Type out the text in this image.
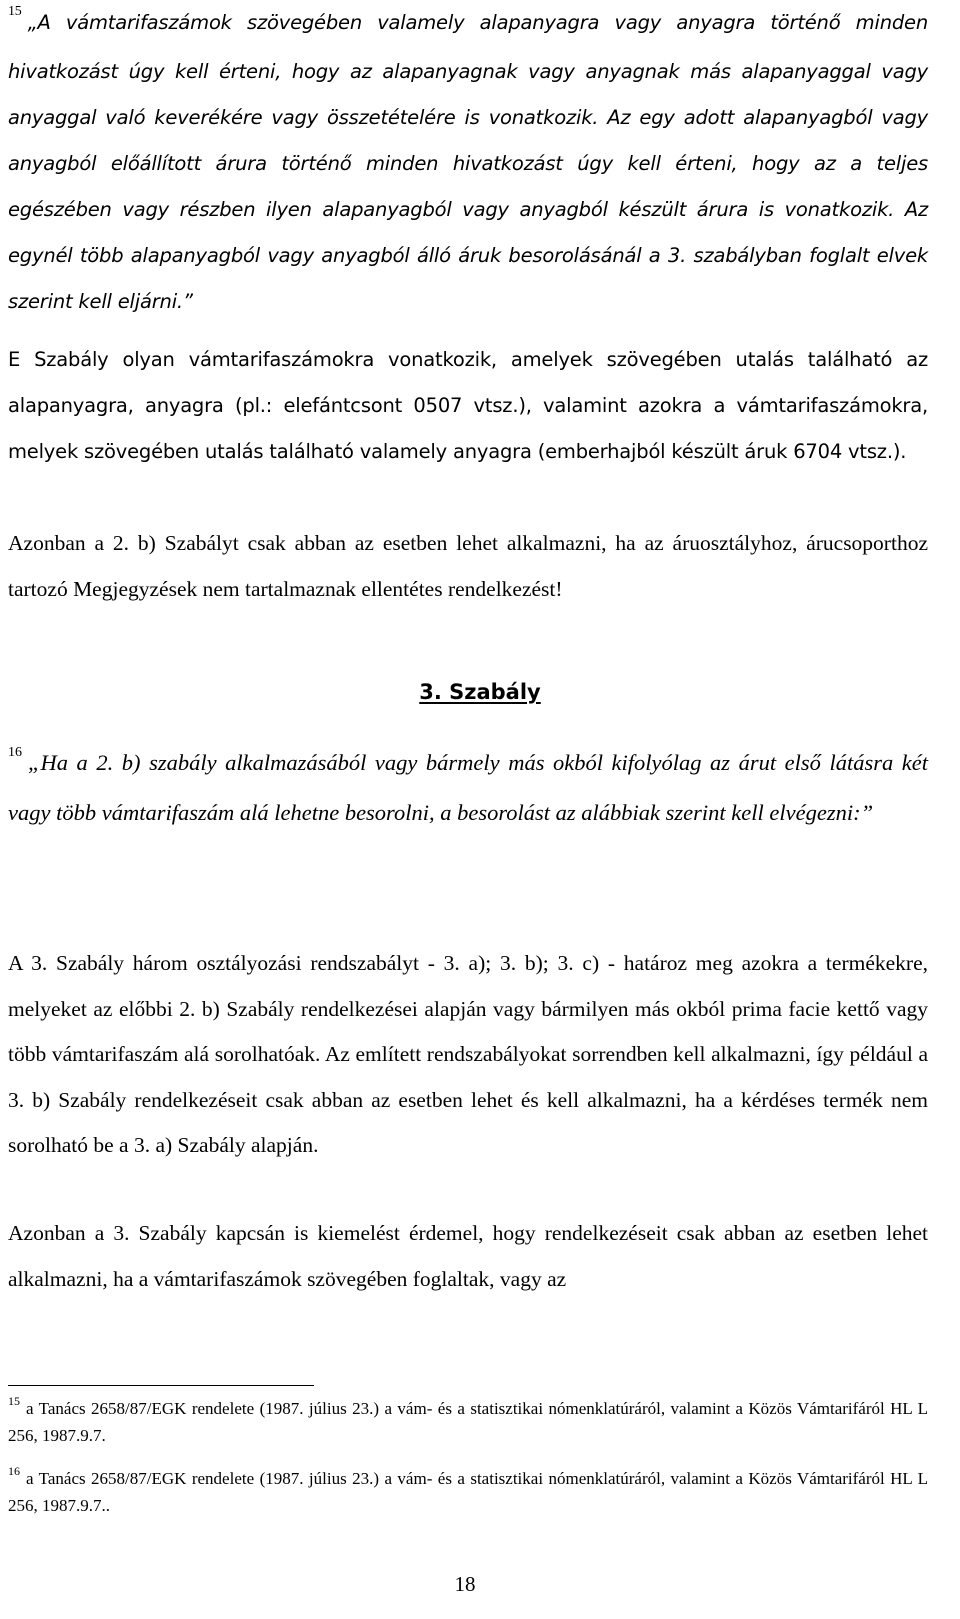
$^{15}$ „A vámtarifaszámok szövegében valamely alapanyagra vagy anyagra történő minden hivatkozást úgy kell érteni, hogy az alapanyagnak vagy anyagnak más alapanyaggal vagy anyaggal való keverékére vagy összetételére is vonatkozik. Az egy adott alapanyagból vagy anyagból előállított árura történő minden hivatkozást úgy kell érteni, hogy az a teljes egészében vagy részben ilyen alapanyagból vagy anyagból készült árura is vonatkozik. Az egynél több alapanyagból vagy anyagból álló áruk besorolásánál a 3. szabályban foglalt elvek szerint kell eljárni.”

E Szabály olyan vámtarifaszámokra vonatkozik, amelyek szövegében utalás található az alapanyagra, anyagra (pl.: elefántcsont 0507 vtsz.), valamint azokra a vámtarifaszámokra, melyek szövegében utalás található valamely anyagra (emberhajból készült áruk 6704 vtsz.).

Azonban a 2. b) Szabályt csak abban az esetben lehet alkalmazni, ha az áruosztályhoz, árucsoporthoz tartozó Megjegyzések nem tartalmaznak ellentétes rendelkezést!

3. Szabály

$^{16}$ „Ha a 2. b) szabály alkalmazásából vagy bármely más okból kifolyólag az árut első látásra két vagy több vámtarifaszám alá lehetne besorolni, a besorolást az alábbiak szerint kell elvégezni:”

A 3. Szabály három osztályozási rendszabályt - 3. a); 3. b); 3. c) - határoz meg azokra a termékekre, melyeket az előbbi 2. b) Szabály rendelkezései alapján vagy bármilyen más okból prima facie kettő vagy több vámtarifaszám alá sorolhatóak. Az említett rendszabályokat sorrendben kell alkalmazni, így például a 3. b) Szabály rendelkezéseit csak abban az esetben lehet és kell alkalmazni, ha a kérdéses termék nem sorolható be a 3. a) Szabály alapján.

Azonban a 3. Szabály kapcsán is kiemelést érdemel, hogy rendelkezéseit csak abban az esetben lehet alkalmazni, ha a vámtarifaszámok szövegében foglaltak, vagy az

$^{15}$ a Tanács 2658/87/EGK rendelete (1987. július 23.) a vám- és a statisztikai nómenklatúráról, valamint a Közös Vámtarifáról HL L 256, 1987.9.7.
$^{16}$ a Tanács 2658/87/EGK rendelete (1987. július 23.) a vám- és a statisztikai nómenklatúráról, valamint a Közös Vámtarifáról HL L 256, 1987.9.7..
18
